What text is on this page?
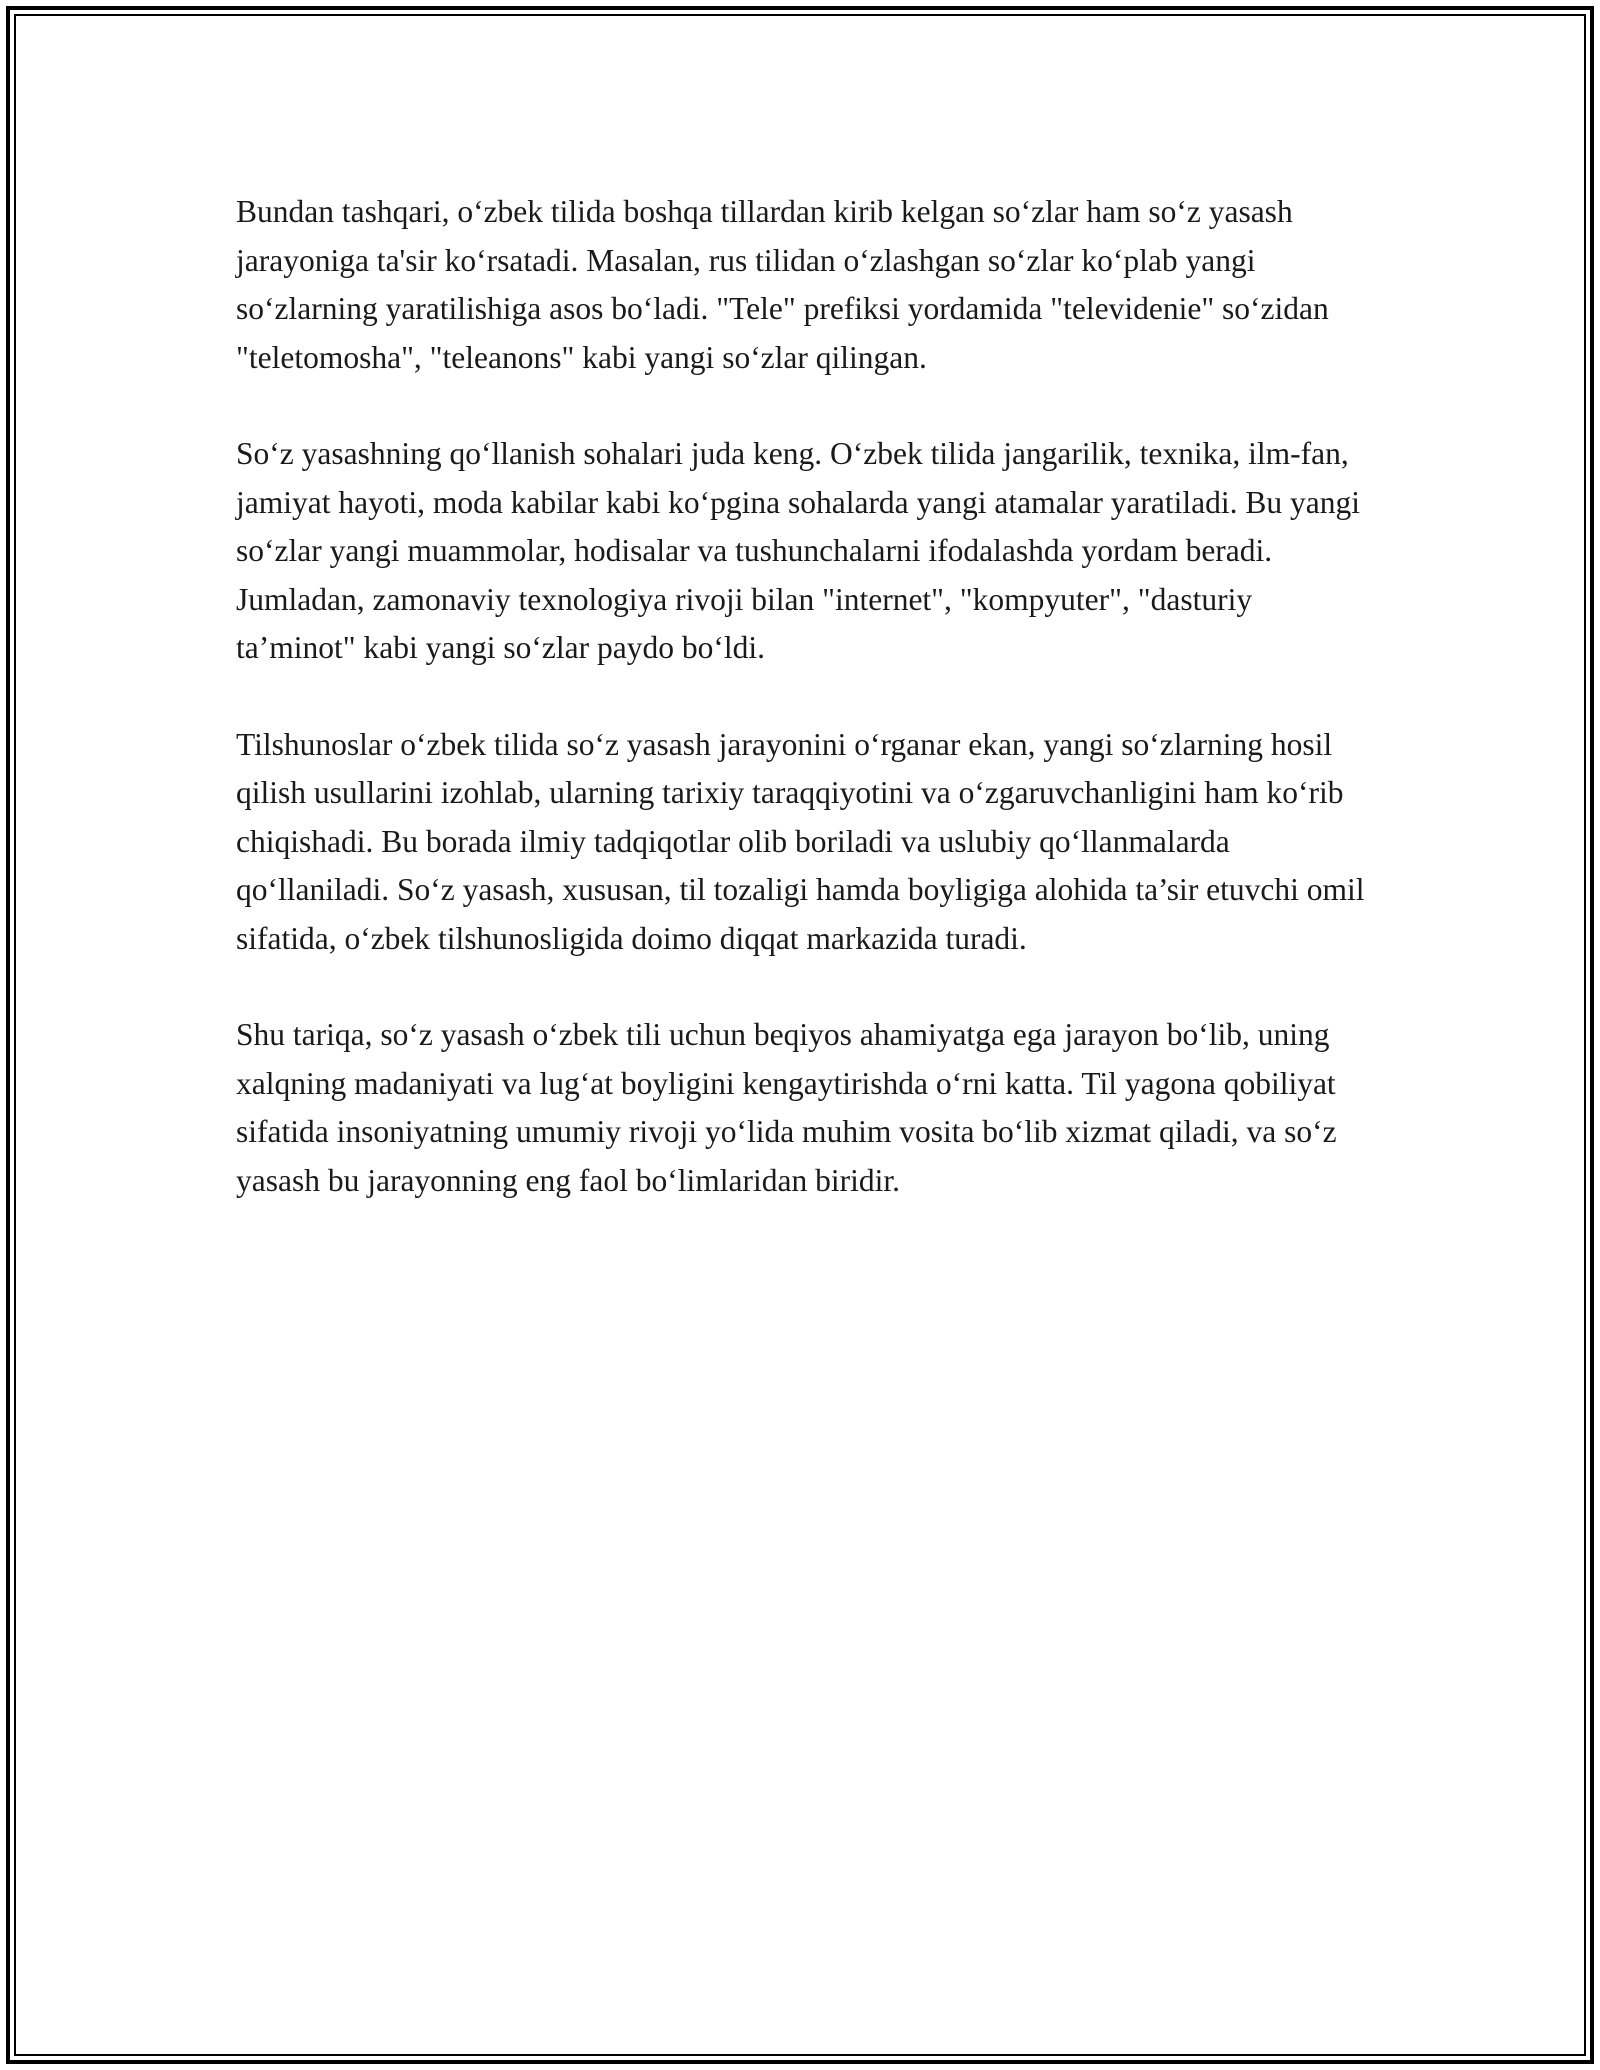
Bundan tashqari, o‘zbek tilida boshqa tillardan kirib kelgan so‘zlar ham so‘z yasash jarayoniga ta'sir ko‘rsatadi. Masalan, rus tilidan o‘zlashgan so‘zlar ko‘plab yangi so‘zlarning yaratilishiga asos bo‘ladi. "Tele" prefiksi yordamida "televidenie" so‘zidan "teletomosha", "teleanons" kabi yangi so‘zlar qilingan.

So‘z yasashning qo‘llanish sohalari juda keng. O‘zbek tilida jangarilik, texnika, ilm-fan, jamiyat hayoti, moda kabilar kabi ko‘pgina sohalarda yangi atamalar yaratiladi. Bu yangi so‘zlar yangi muammolar, hodisalar va tushunchalarni ifodalashda yordam beradi. Jumladan, zamonaviy texnologiya rivoji bilan "internet", "kompyuter", "dasturiy ta’minot" kabi yangi so‘zlar paydo bo‘ldi.

Tilshunoslar o‘zbek tilida so‘z yasash jarayonini o‘rganar ekan, yangi so‘zlarning hosil qilish usullarini izohlab, ularning tarixiy taraqqiyotini va o‘zgaruvchanligini ham ko‘rib chiqishadi. Bu borada ilmiy tadqiqotlar olib boriladi va uslubiy qo‘llanmalarda qo‘llaniladi. So‘z yasash, xususan, til tozaligi hamda boyligiga alohida ta’sir etuvchi omil sifatida, o‘zbek tilshunosligida doimo diqqat markazida turadi.

Shu tariqa, so‘z yasash o‘zbek tili uchun beqiyos ahamiyatga ega jarayon bo‘lib, uning xalqning madaniyati va lug‘at boyligini kengaytirishda o‘rni katta. Til yagona qobiliyat sifatida insoniyatning umumiy rivoji yo‘lida muhim vosita bo‘lib xizmat qiladi, va so‘z yasash bu jarayonning eng faol bo‘limlaridan biridir.
